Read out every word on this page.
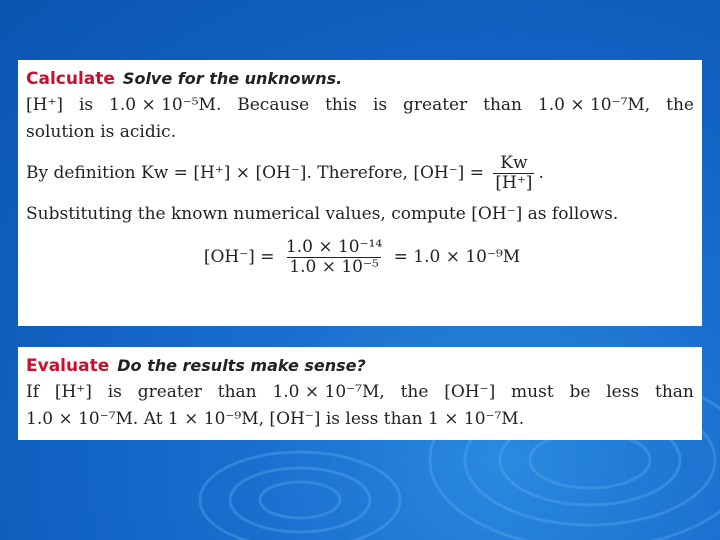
Calculate Solve for the unknowns.
[H⁺] is 1.0 × 10⁻⁵M. Because this is greater than 1.0 × 10⁻⁷M, the
solution is acidic.
By definition Kw = [H⁺] × [OH⁻]. Therefore, $[OH^-] = \frac{Kw}{[H^+]}$ .
Substituting the known numerical values, compute [OH⁻] as follows.
$[OH^-] = \frac{\text{1.0 × 10⁻¹⁴}}{\text{1.0 × 10⁻⁵}} = 1.0 \times 10^{-9}M$
Evaluate Do the results make sense?
If [H⁺] is greater than 1.0 × 10⁻⁷M, the [OH⁻] must be less than
1.0 × 10⁻⁷M. At 1 × 10⁻⁹M, [OH⁻] is less than 1 × 10⁻⁷M.
